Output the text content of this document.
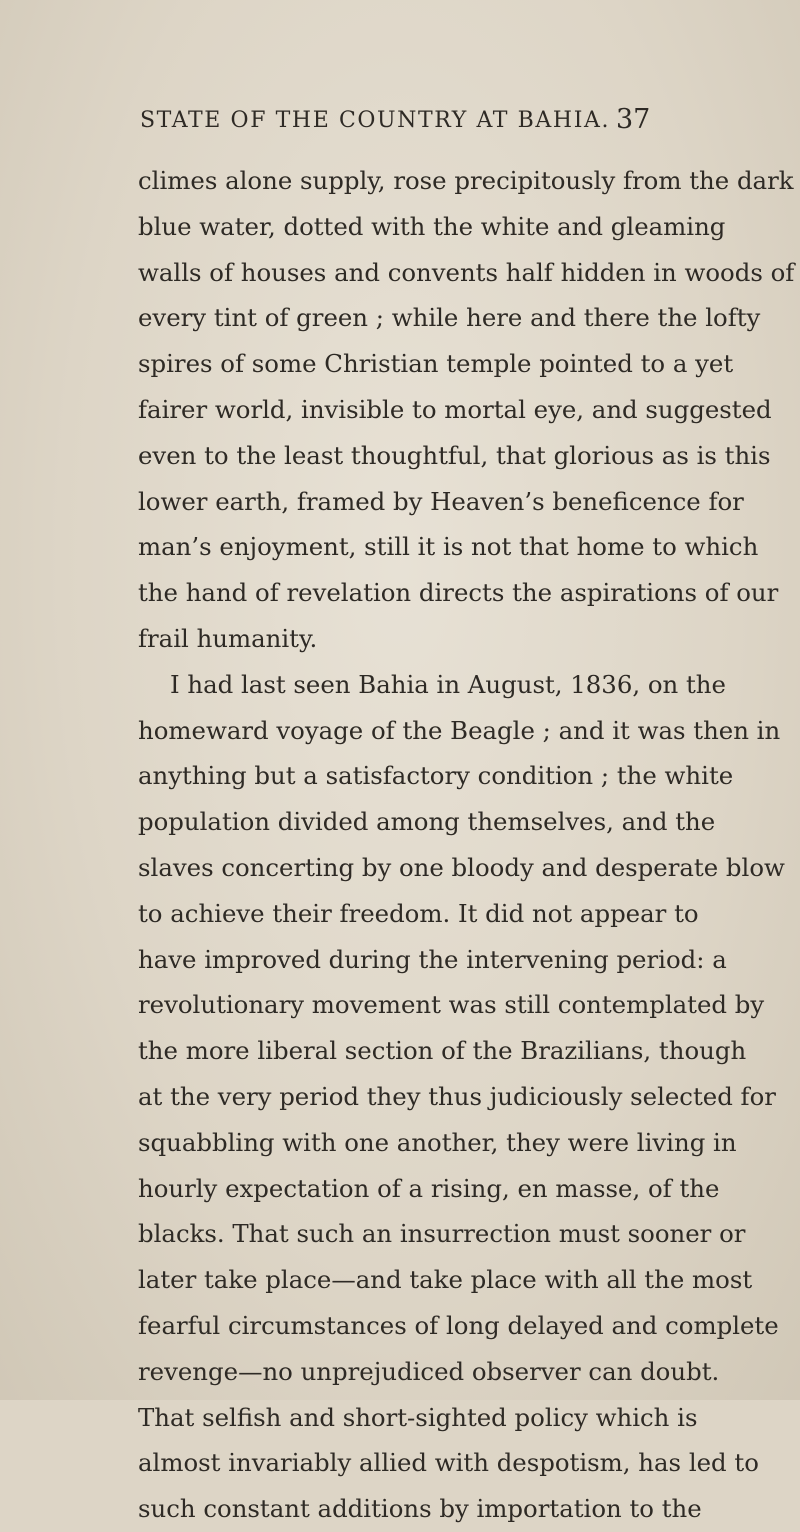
STATE OF THE COUNTRY AT BAHIA. 37
climes alone supply, rose precipitously from the dark
blue water, dotted with the white and gleaming
walls of houses and convents half hidden in woods of
every tint of green ; while here and there the lofty
spires of some Christian temple pointed to a yet
fairer world, invisible to mortal eye, and suggested
even to the least thoughtful, that glorious as is this
lower earth, framed by Heaven’s beneficence for
man’s enjoyment, still it is not that home to which
the hand of revelation directs the aspirations of our
frail humanity.
I had last seen Bahia in August, 1836, on the
homeward voyage of the Beagle ; and it was then in
anything but a satisfactory condition ; the white
population divided among themselves, and the
slaves concerting by one bloody and desperate blow
to achieve their freedom. It did not appear to
have improved during the intervening period: a
revolutionary movement was still contemplated by
the more liberal section of the Brazilians, though
at the very period they thus judiciously selected for
squabbling with one another, they were living in
hourly expectation of a rising, en masse, of the
blacks. That such an insurrection must sooner or
later take place—and take place with all the most
fearful circumstances of long delayed and complete
revenge—no unprejudiced observer can doubt.
That selfish and short-sighted policy which is
almost invariably allied with despotism, has led to
such constant additions by importation to the
